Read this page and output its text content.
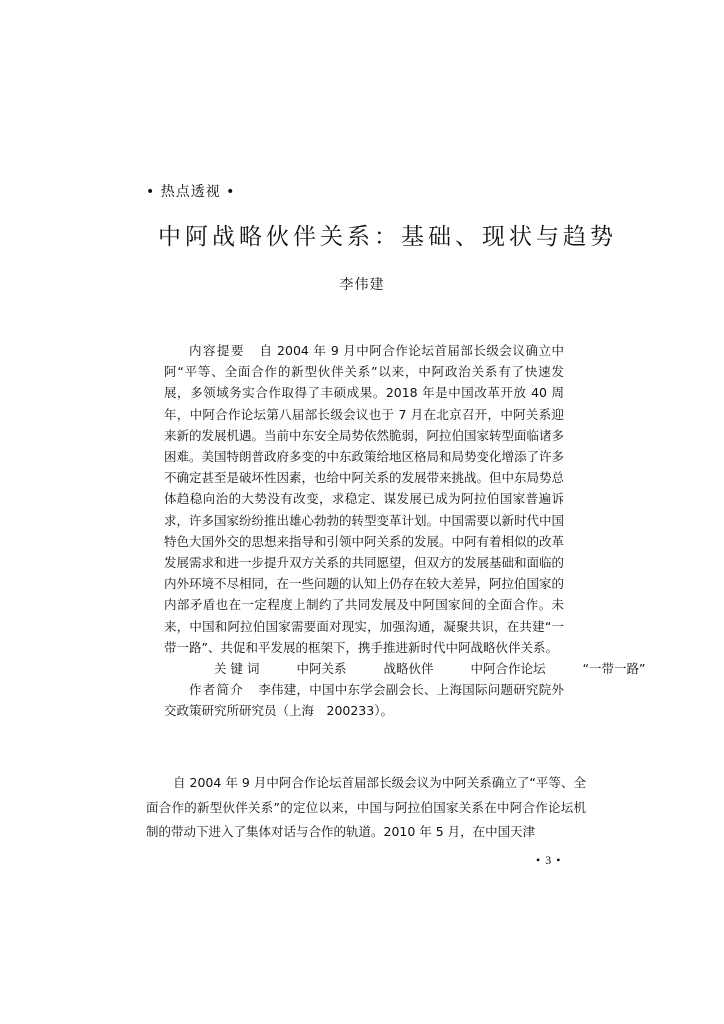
• 热点透视 •
中阿战略伙伴关系：基础、现状与趋势
李伟建

内容提要 自 2004 年 9 月中阿合作论坛首届部长级会议确立中阿“平等、全面合作的新型伙伴关系”以来，中阿政治关系有了快速发展，多领域务实合作取得了丰硕成果。2018 年是中国改革开放 40 周年，中阿合作论坛第八届部长级会议也于 7 月在北京召开，中阿关系迎来新的发展机遇。当前中东安全局势依然脆弱，阿拉伯国家转型面临诸多困难。美国特朗普政府多变的中东政策给地区格局和局势变化增添了许多不确定甚至是破坏性因素，也给中阿关系的发展带来挑战。但中东局势总体趋稳向治的大势没有改变，求稳定、谋发展已成为阿拉伯国家普遍诉求，许多国家纷纷推出雄心勃勃的转型变革计划。中国需要以新时代中国特色大国外交的思想来指导和引领中阿关系的发展。中阿有着相似的改革发展需求和进一步提升双方关系的共同愿望，但双方的发展基础和面临的内外环境不尽相同，在一些问题的认知上仍存在较大差异，阿拉伯国家的内部矛盾也在一定程度上制约了共同发展及中阿国家间的全面合作。未来，中国和阿拉伯国家需要面对现实，加强沟通，凝聚共识，在共建“一带一路”、共促和平发展的框架下，携手推进新时代中阿战略伙伴关系。

关 键 词	中阿关系	战略伙伴	中阿合作论坛	“一带一路”

作者简介 李伟建，中国中东学会副会长、上海国际问题研究院外交政策研究所研究员（上海　200233）。

自 2004 年 9 月中阿合作论坛首届部长级会议为中阿关系确立了“平等、全面合作的新型伙伴关系”的定位以来，中国与阿拉伯国家关系在中阿合作论坛机制的带动下进入了集体对话与合作的轨道。2010 年 5 月，在中国天津

• 3 •
